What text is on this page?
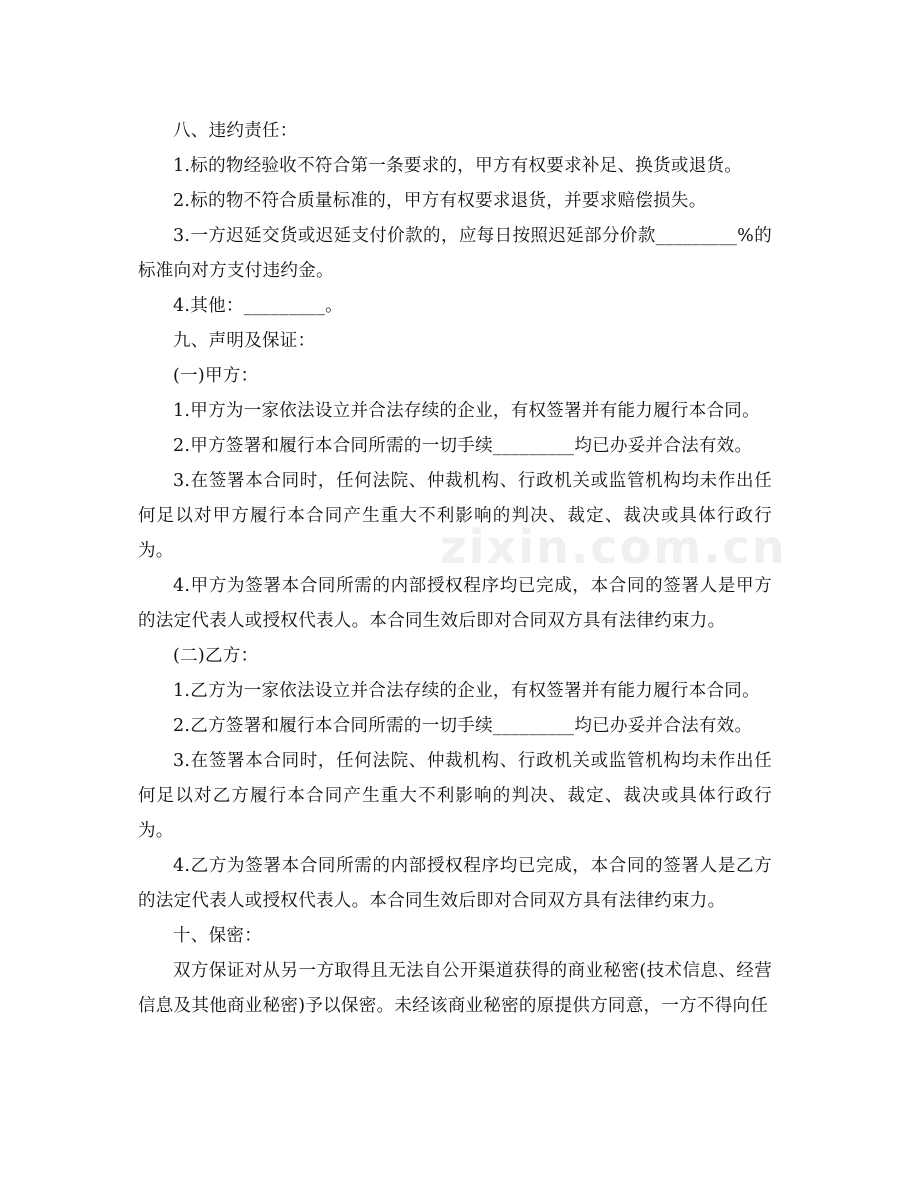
八、违约责任：

1.标的物经验收不符合第一条要求的，甲方有权要求补足、换货或退货。

2.标的物不符合质量标准的，甲方有权要求退货，并要求赔偿损失。

3.一方迟延交货或迟延支付价款的，应每日按照迟延部分价款_________%的标准向对方支付违约金。

4.其他：_________。

九、声明及保证：

(一)甲方：

1.甲方为一家依法设立并合法存续的企业，有权签署并有能力履行本合同。

2.甲方签署和履行本合同所需的一切手续_________均已办妥并合法有效。

3.在签署本合同时，任何法院、仲裁机构、行政机关或监管机构均未作出任何足以对甲方履行本合同产生重大不利影响的判决、裁定、裁决或具体行政行为。

4.甲方为签署本合同所需的内部授权程序均已完成，本合同的签署人是甲方的法定代表人或授权代表人。本合同生效后即对合同双方具有法律约束力。

(二)乙方：

1.乙方为一家依法设立并合法存续的企业，有权签署并有能力履行本合同。

2.乙方签署和履行本合同所需的一切手续_________均已办妥并合法有效。

3.在签署本合同时，任何法院、仲裁机构、行政机关或监管机构均未作出任何足以对乙方履行本合同产生重大不利影响的判决、裁定、裁决或具体行政行为。

4.乙方为签署本合同所需的内部授权程序均已完成，本合同的签署人是乙方的法定代表人或授权代表人。本合同生效后即对合同双方具有法律约束力。

十、保密：

双方保证对从另一方取得且无法自公开渠道获得的商业秘密(技术信息、经营信息及其他商业秘密)予以保密。未经该商业秘密的原提供方同意，一方不得向任

zixin.com.cn
